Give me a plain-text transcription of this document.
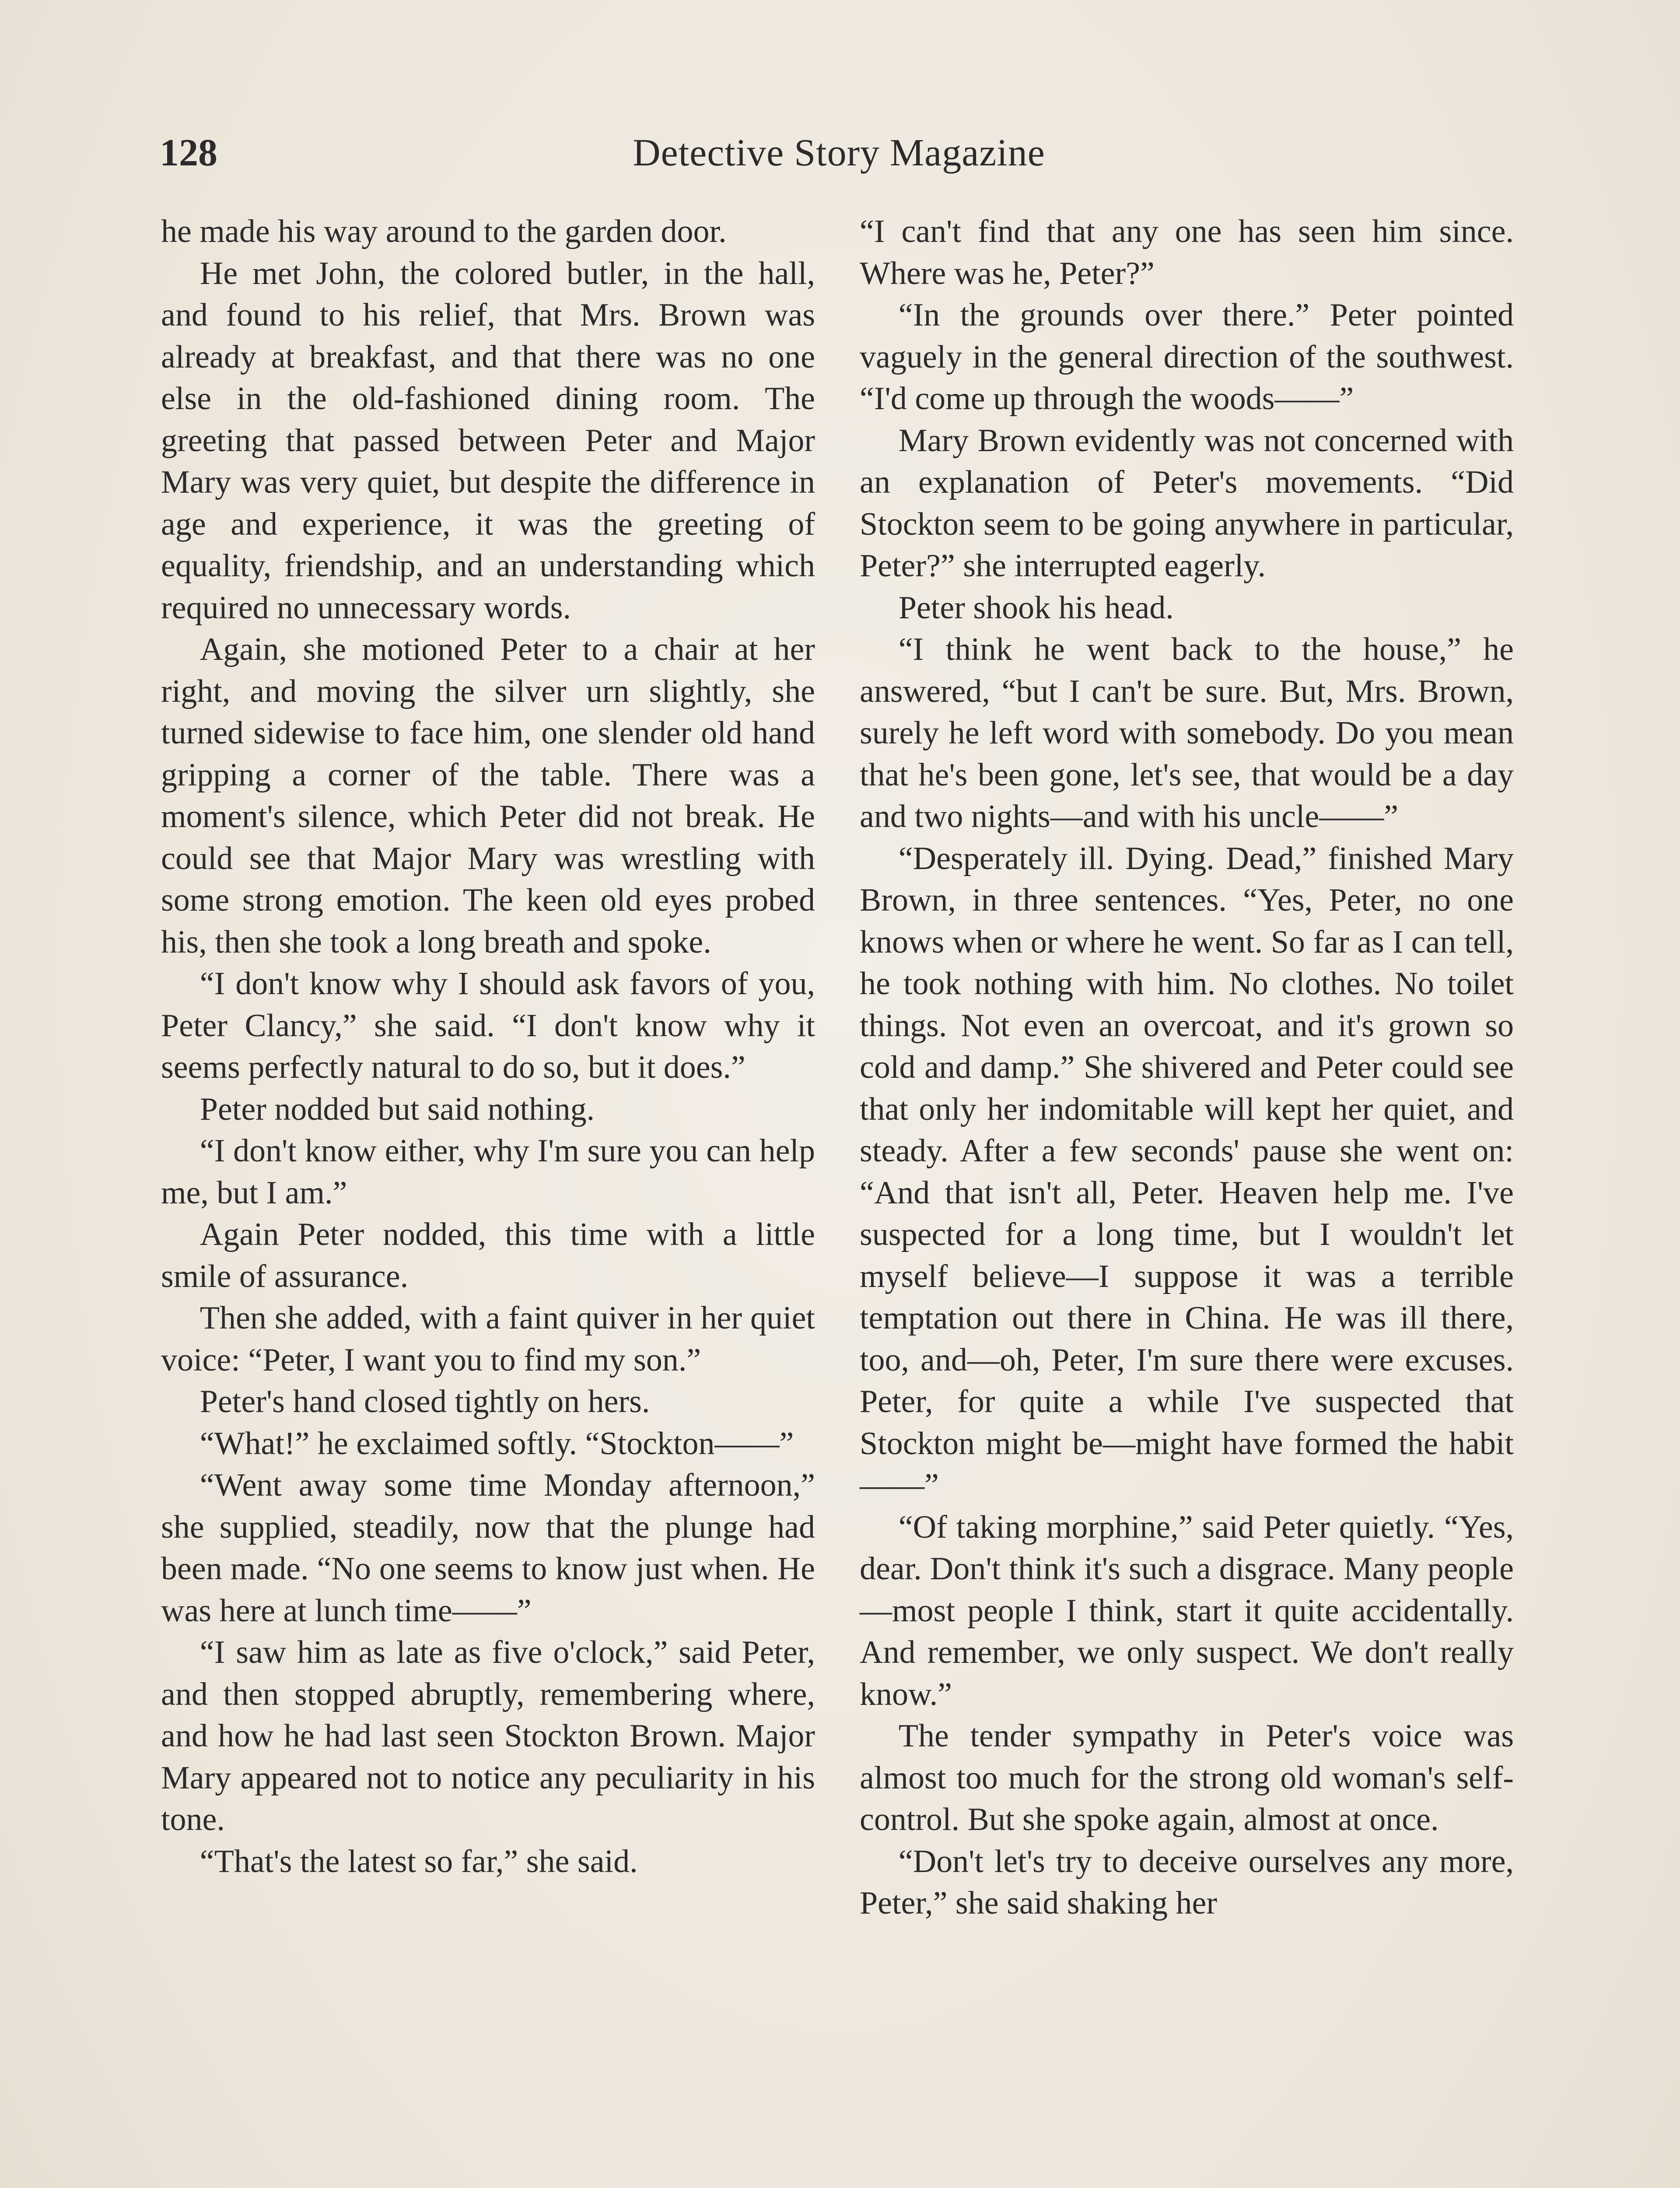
128	Detective Story Magazine

he made his way around to the garden door.

He met John, the colored butler, in the hall, and found to his relief, that Mrs. Brown was already at breakfast, and that there was no one else in the old-fashioned dining room. The greeting that passed between Peter and Major Mary was very quiet, but despite the difference in age and experience, it was the greeting of equality, friendship, and an understanding which required no unnecessary words.

Again, she motioned Peter to a chair at her right, and moving the silver urn slightly, she turned sidewise to face him, one slender old hand gripping a corner of the table. There was a moment's silence, which Peter did not break. He could see that Major Mary was wrestling with some strong emotion. The keen old eyes probed his, then she took a long breath and spoke.

“I don't know why I should ask favors of you, Peter Clancy,” she said. “I don't know why it seems perfectly natural to do so, but it does.”

Peter nodded but said nothing.

“I don't know either, why I'm sure you can help me, but I am.”

Again Peter nodded, this time with a little smile of assurance.

Then she added, with a faint quiver in her quiet voice: “Peter, I want you to find my son.”

Peter's hand closed tightly on hers.

“What!” he exclaimed softly. “Stockton——”

“Went away some time Monday afternoon,” she supplied, steadily, now that the plunge had been made. “No one seems to know just when. He was here at lunch time——”

“I saw him as late as five o'clock,” said Peter, and then stopped abruptly, remembering where, and how he had last seen Stockton Brown. Major Mary appeared not to notice any peculiarity in his tone.

“That's the latest so far,” she said.

“I can't find that any one has seen him since. Where was he, Peter?”

“In the grounds over there.” Peter pointed vaguely in the general direction of the southwest. “I'd come up through the woods——”

Mary Brown evidently was not concerned with an explanation of Peter's movements. “Did Stockton seem to be going anywhere in particular, Peter?” she interrupted eagerly.

Peter shook his head.

“I think he went back to the house,” he answered, “but I can't be sure. But, Mrs. Brown, surely he left word with somebody. Do you mean that he's been gone, let's see, that would be a day and two nights—and with his uncle——”

“Desperately ill. Dying. Dead,” finished Mary Brown, in three sentences. “Yes, Peter, no one knows when or where he went. So far as I can tell, he took nothing with him. No clothes. No toilet things. Not even an overcoat, and it's grown so cold and damp.” She shivered and Peter could see that only her indomitable will kept her quiet, and steady. After a few seconds' pause she went on: “And that isn't all, Peter. Heaven help me. I've suspected for a long time, but I wouldn't let myself believe—I suppose it was a terrible temptation out there in China. He was ill there, too, and—oh, Peter, I'm sure there were excuses. Peter, for quite a while I've suspected that Stockton might be—might have formed the habit——”

“Of taking morphine,” said Peter quietly. “Yes, dear. Don't think it's such a disgrace. Many people—most people I think, start it quite accidentally. And remember, we only suspect. We don't really know.”

The tender sympathy in Peter's voice was almost too much for the strong old woman's self-control. But she spoke again, almost at once.

“Don't let's try to deceive ourselves any more, Peter,” she said shaking her
